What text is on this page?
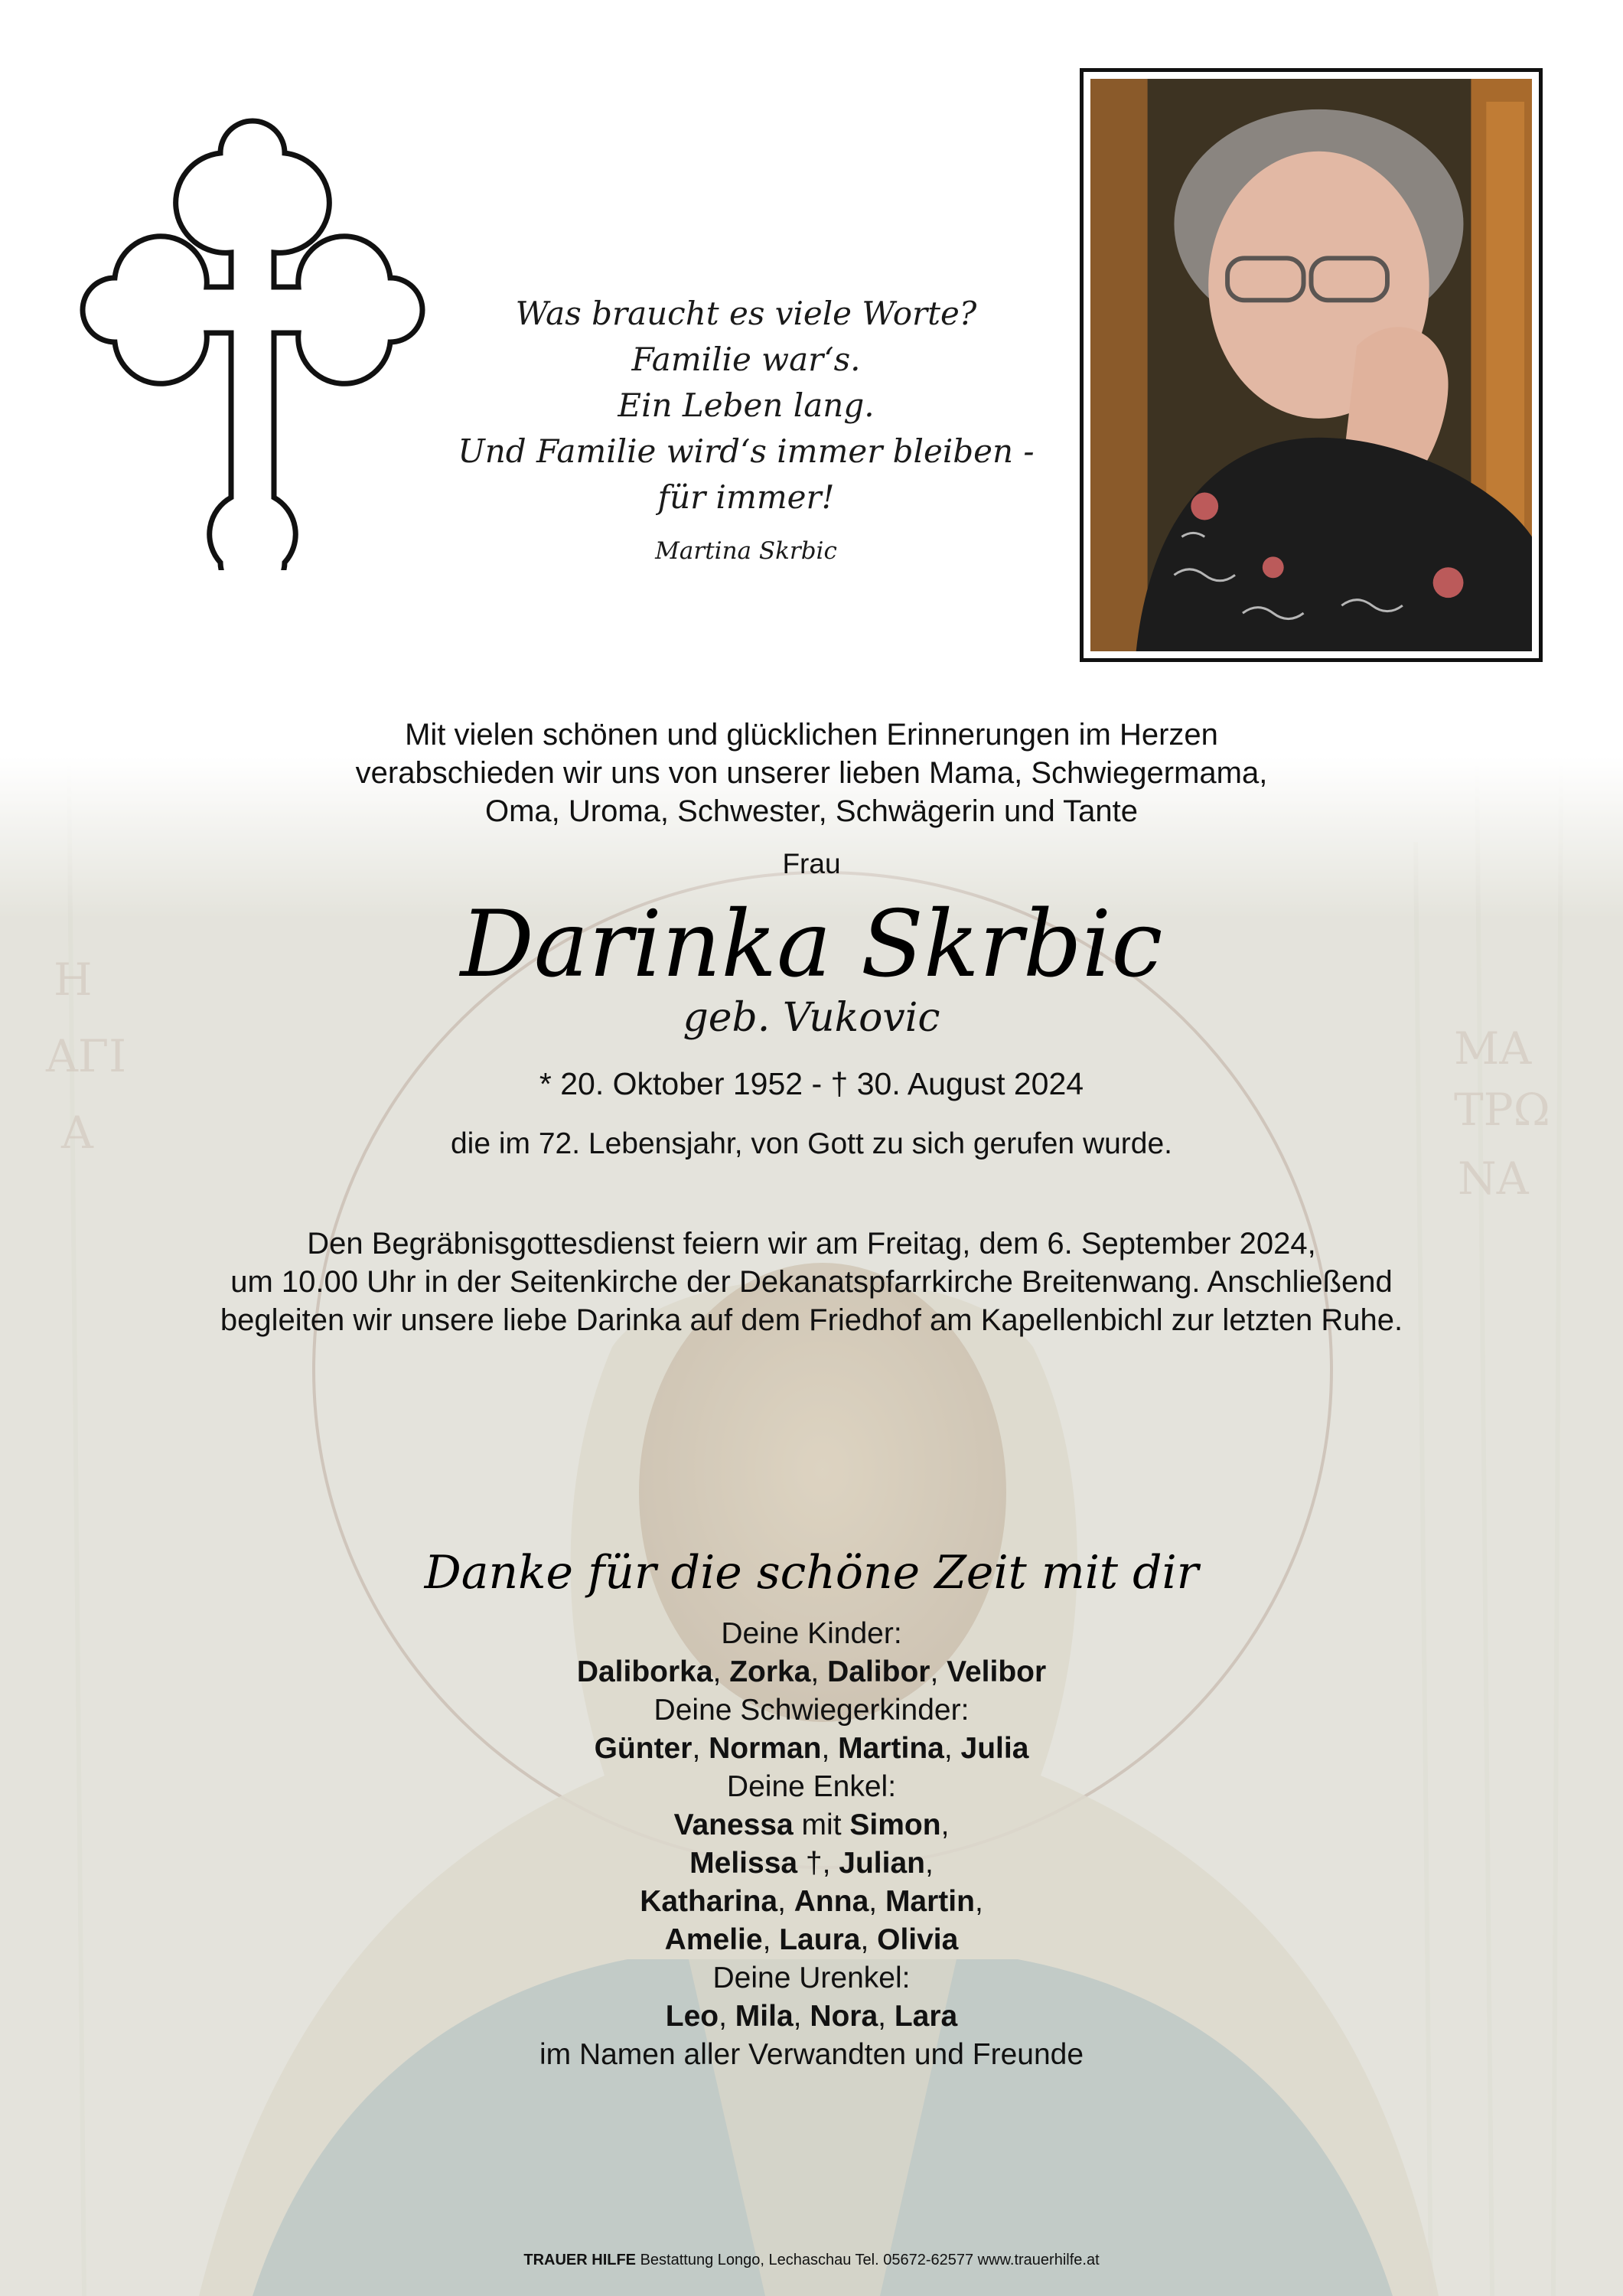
Was braucht es viele Worte?
Familie war‘s.
Ein Leben lang.
Und Familie wird‘s immer bleiben -
für immer!
Martina Skrbic
Mit vielen schönen und glücklichen Erinnerungen im Herzen
verabschieden wir uns von unserer lieben Mama, Schwiegermama,
Oma, Uroma, Schwester, Schwägerin und Tante
Frau
Darinka Skrbic
geb. Vukovic
* 20. Oktober 1952 - † 30. August 2024
die im 72. Lebensjahr, von Gott zu sich gerufen wurde.
Den Begräbnisgottesdienst feiern wir am Freitag, dem 6. September 2024,
um 10.00 Uhr in der Seitenkirche der Dekanatspfarrkirche Breitenwang. Anschließend
begleiten wir unsere liebe Darinka auf dem Friedhof am Kapellenbichl zur letzten Ruhe.
Danke für die schöne Zeit mit dir
Deine Kinder:
Daliborka, Zorka, Dalibor, Velibor
Deine Schwiegerkinder:
Günter, Norman, Martina, Julia
Deine Enkel:
Vanessa mit Simon,
Melissa †, Julian,
Katharina, Anna, Martin,
Amelie, Laura, Olivia
Deine Urenkel:
Leo, Mila, Nora, Lara
im Namen aller Verwandten und Freunde
TRAUER HILFE Bestattung Longo, Lechaschau Tel. 05672-62577 www.trauerhilfe.at
